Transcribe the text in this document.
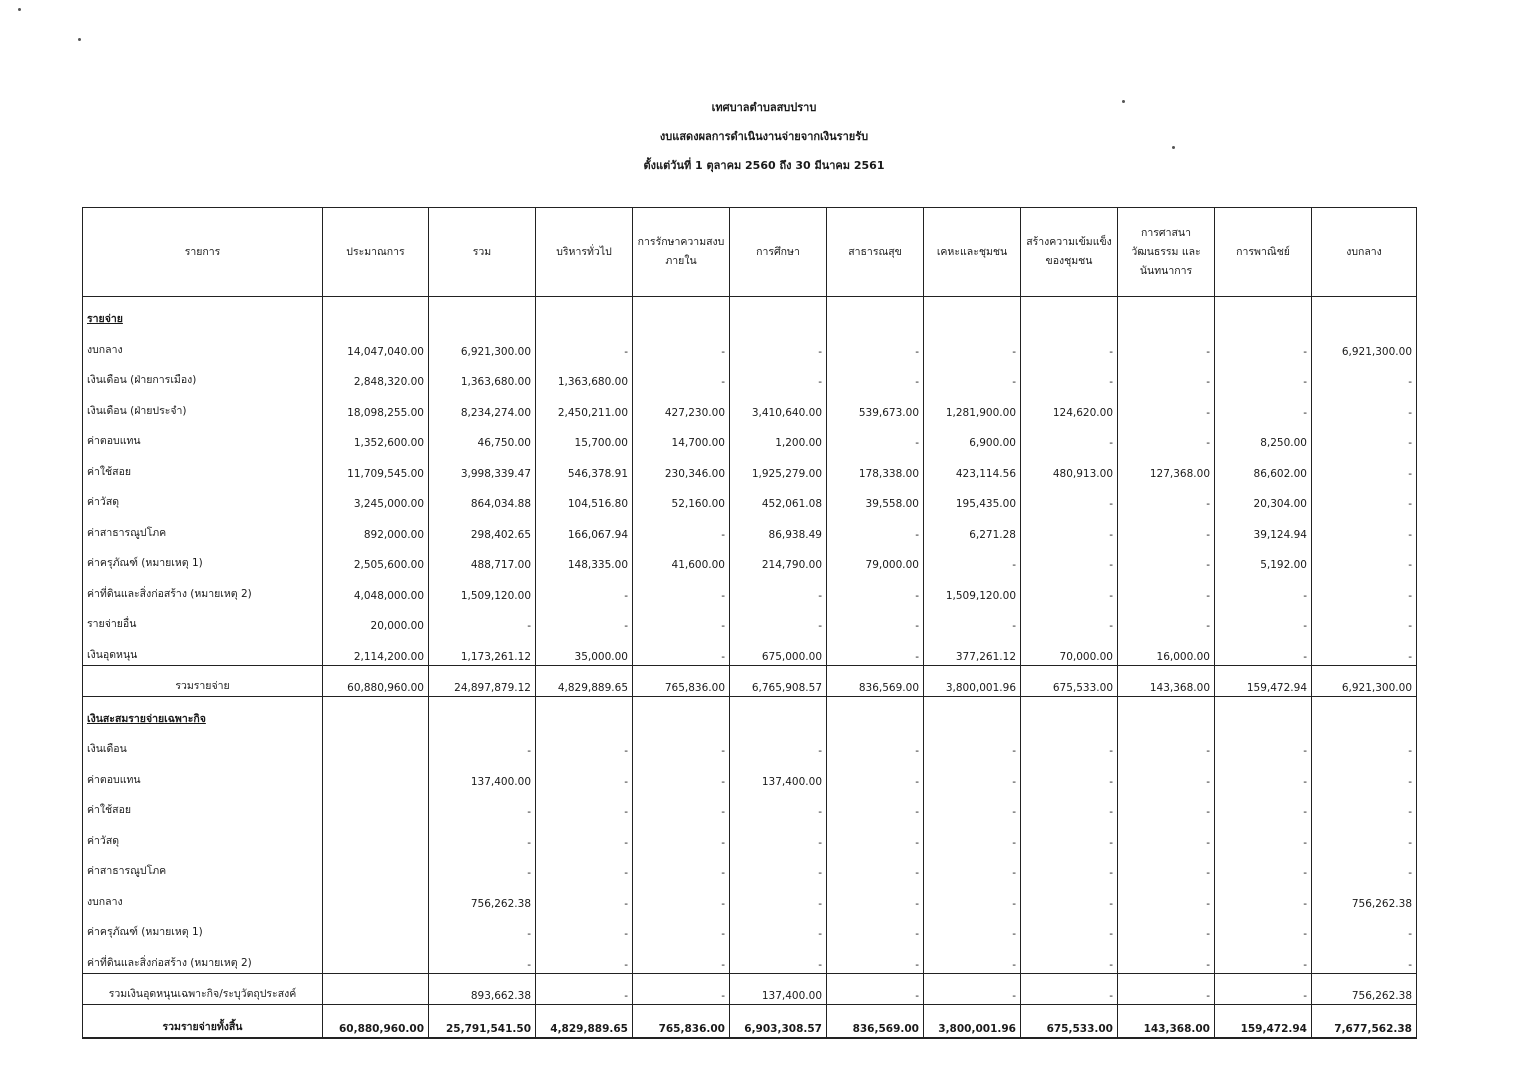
เทศบาลตำบลสบปราบ
งบแสดงผลการดำเนินงานจ่ายจากเงินรายรับ
ตั้งแต่วันที่ 1 ตุลาคม 2560 ถึง 30 มีนาคม 2561
รายการ	ประมาณการ	รวม	บริหารทั่วไป	การรักษาความสงบภายใน	การศึกษา	สาธารณสุข	เคหะและชุมชน	สร้างความเข้มแข็งของชุมชน	การศาสนา วัฒนธรรม และนันทนาการ	การพาณิชย์	งบกลาง
รายจ่าย											
งบกลาง	14,047,040.00	6,921,300.00	-	-	-	-	-	-	-	-	6,921,300.00
เงินเดือน (ฝ่ายการเมือง)	2,848,320.00	1,363,680.00	1,363,680.00	-	-	-	-	-	-	-	-
เงินเดือน (ฝ่ายประจำ)	18,098,255.00	8,234,274.00	2,450,211.00	427,230.00	3,410,640.00	539,673.00	1,281,900.00	124,620.00	-	-	-
ค่าตอบแทน	1,352,600.00	46,750.00	15,700.00	14,700.00	1,200.00	-	6,900.00	-	-	8,250.00	-
ค่าใช้สอย	11,709,545.00	3,998,339.47	546,378.91	230,346.00	1,925,279.00	178,338.00	423,114.56	480,913.00	127,368.00	86,602.00	-
ค่าวัสดุ	3,245,000.00	864,034.88	104,516.80	52,160.00	452,061.08	39,558.00	195,435.00	-	-	20,304.00	-
ค่าสาธารณูปโภค	892,000.00	298,402.65	166,067.94	-	86,938.49	-	6,271.28	-	-	39,124.94	-
ค่าครุภัณฑ์ (หมายเหตุ 1)	2,505,600.00	488,717.00	148,335.00	41,600.00	214,790.00	79,000.00	-	-	-	5,192.00	-
ค่าที่ดินและสิ่งก่อสร้าง (หมายเหตุ 2)	4,048,000.00	1,509,120.00	-	-	-	-	1,509,120.00	-	-	-	-
รายจ่ายอื่น	20,000.00	-	-	-	-	-	-	-	-	-	-
เงินอุดหนุน	2,114,200.00	1,173,261.12	35,000.00	-	675,000.00	-	377,261.12	70,000.00	16,000.00	-	-
รวมรายจ่าย	60,880,960.00	24,897,879.12	4,829,889.65	765,836.00	6,765,908.57	836,569.00	3,800,001.96	675,533.00	143,368.00	159,472.94	6,921,300.00
เงินสะสมรายจ่ายเฉพาะกิจ											
เงินเดือน		-	-	-	-	-	-	-	-	-	-
ค่าตอบแทน		137,400.00	-	-	137,400.00	-	-	-	-	-	-
ค่าใช้สอย		-	-	-	-	-	-	-	-	-	-
ค่าวัสดุ		-	-	-	-	-	-	-	-	-	-
ค่าสาธารณูปโภค		-	-	-	-	-	-	-	-	-	-
งบกลาง		756,262.38	-	-	-	-	-	-	-	-	756,262.38
ค่าครุภัณฑ์ (หมายเหตุ 1)		-	-	-	-	-	-	-	-	-	-
ค่าที่ดินและสิ่งก่อสร้าง (หมายเหตุ 2)		-	-	-	-	-	-	-	-	-	-
รวมเงินอุดหนุนเฉพาะกิจ/ระบุวัตถุประสงค์		893,662.38	-	-	137,400.00	-	-	-	-	-	756,262.38
รวมรายจ่ายทั้งสิ้น	60,880,960.00	25,791,541.50	4,829,889.65	765,836.00	6,903,308.57	836,569.00	3,800,001.96	675,533.00	143,368.00	159,472.94	7,677,562.38
